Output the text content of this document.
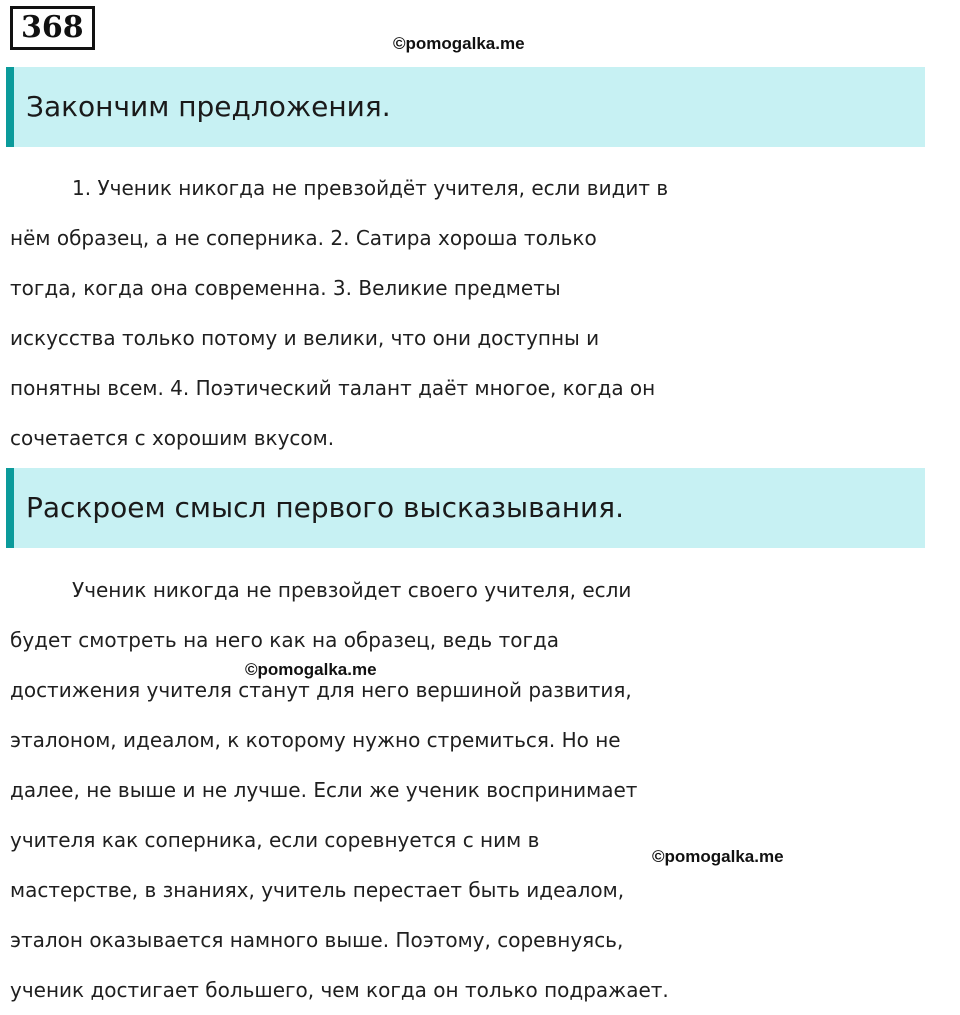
368	©pomogalka.me
Закончим предложения.
1. Ученик никогда не превзойдёт учителя, если видит в
нём образец, а не соперника. 2. Сатира хороша только
тогда, когда она современна. 3. Великие предметы
искусства только потому и велики, что они доступны и
понятны всем. 4. Поэтический талант даёт многое, когда он
сочетается с хорошим вкусом.
Раскроем смысл первого высказывания.
Ученик никогда не превзойдет своего учителя, если
будет смотреть на него как на образец, ведь тогда
достижения учителя станут для него вершиной развития,
эталоном, идеалом, к которому нужно стремиться. Но не
далее, не выше и не лучше. Если же ученик воспринимает
учителя как соперника, если соревнуется с ним в
мастерстве, в знаниях, учитель перестает быть идеалом,
эталон оказывается намного выше. Поэтому, соревнуясь,
ученик достигает большего, чем когда он только подражает.
©pomogalka.me
©pomogalka.me
